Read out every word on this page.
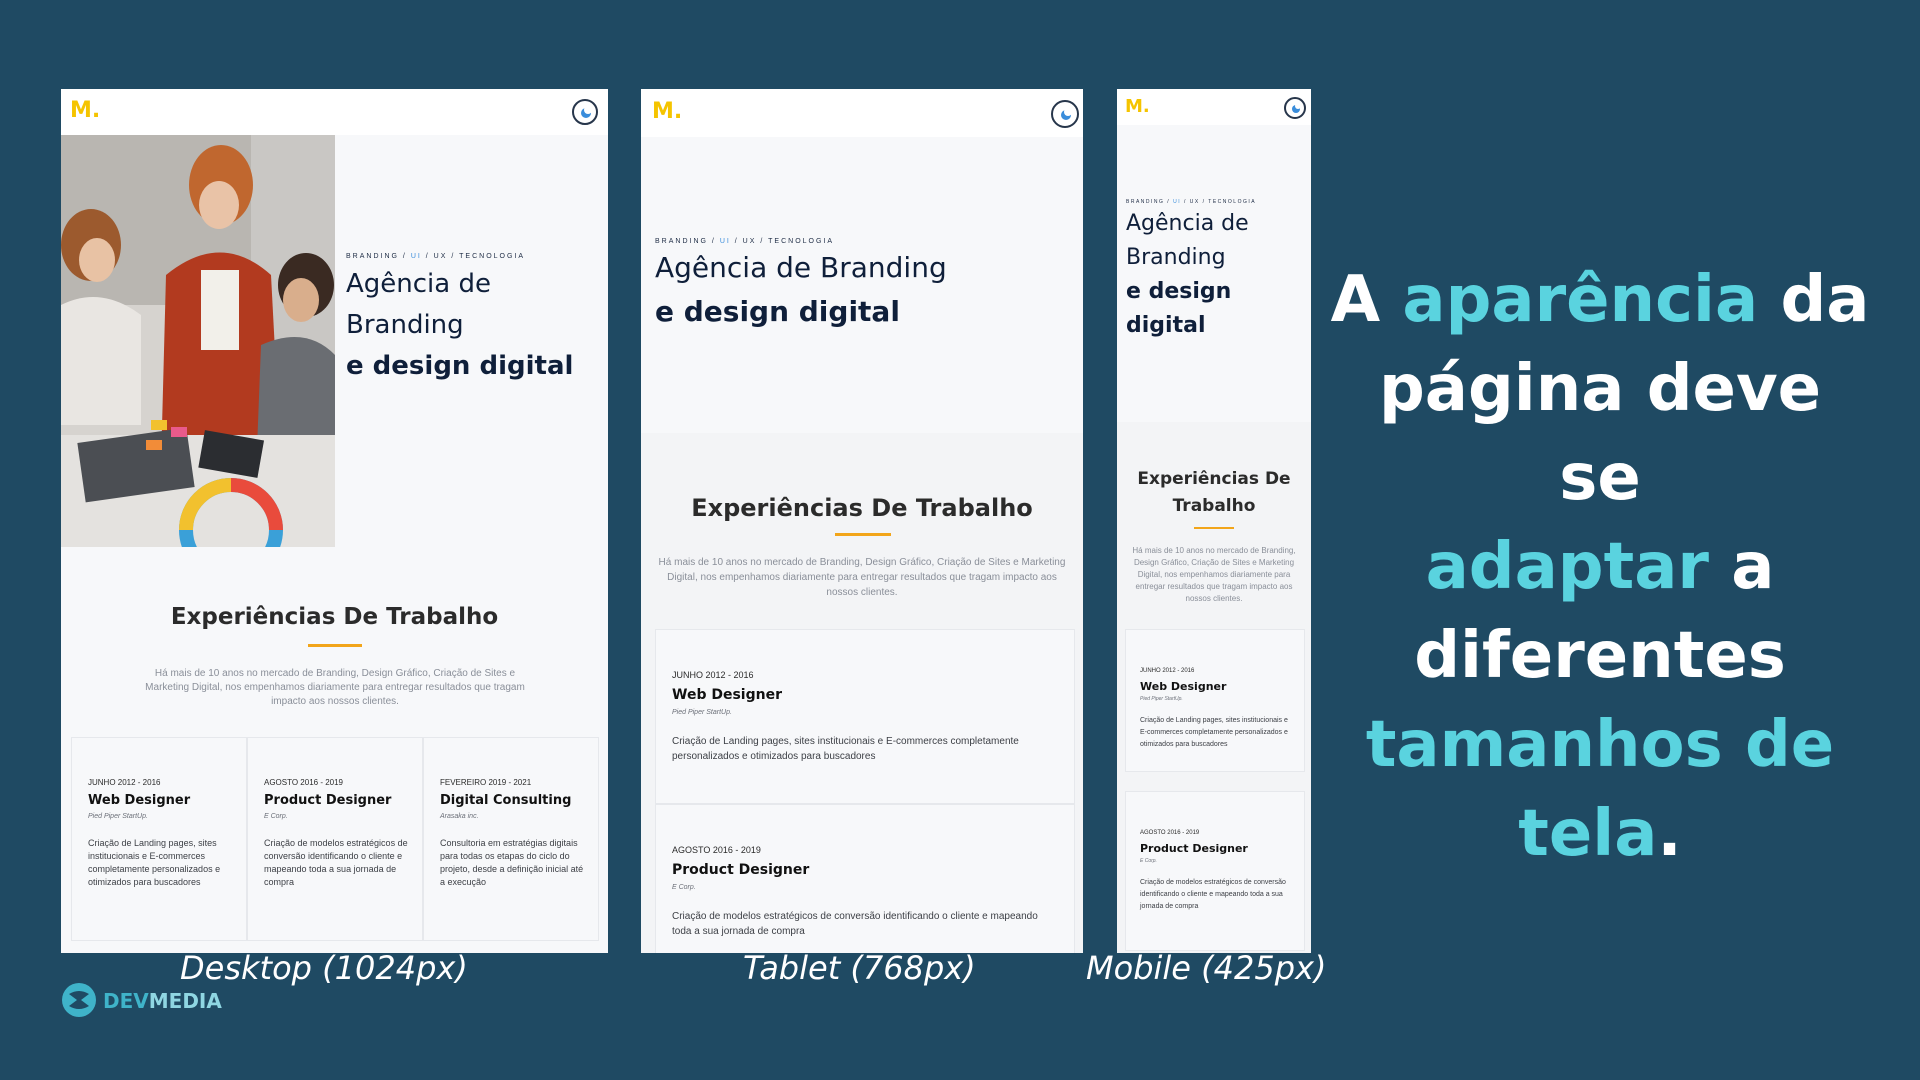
M.
BRANDING / UI / UX / TECNOLOGIA
Agência de
Branding
e design digital
Experiências De Trabalho
Há mais de 10 anos no mercado de Branding, Design Gráfico, Criação de Sites e Marketing Digital, nos empenhamos diariamente para entregar resultados que tragam impacto aos nossos clientes.
JUNHO 2012 - 2016
Web Designer
Pied Piper StartUp.
Criação de Landing pages, sites institucionais e E-commerces completamente personalizados e otimizados para buscadores
AGOSTO 2016 - 2019
Product Designer
E Corp.
Criação de modelos estratégicos de conversão identificando o cliente e mapeando toda a sua jornada de compra
FEVEREIRO 2019 - 2021
Digital Consulting
Arasaka inc.
Consultoria em estratégias digitais para todas os etapas do ciclo do projeto, desde a definição inicial até a execução
M.
BRANDING / UI / UX / TECNOLOGIA
Agência de Branding
e design digital
Experiências De Trabalho
Há mais de 10 anos no mercado de Branding, Design Gráfico, Criação de Sites e Marketing Digital, nos empenhamos diariamente para entregar resultados que tragam impacto aos nossos clientes.
JUNHO 2012 - 2016
Web Designer
Pied Piper StartUp.
Criação de Landing pages, sites institucionais e E-commerces completamente personalizados e otimizados para buscadores
AGOSTO 2016 - 2019
Product Designer
E Corp.
Criação de modelos estratégicos de conversão identificando o cliente e mapeando toda a sua jornada de compra
M.
BRANDING / UI / UX / TECNOLOGIA
Agência de
Branding
e design
digital
Experiências De
Trabalho
Há mais de 10 anos no mercado de Branding, Design Gráfico, Criação de Sites e Marketing Digital, nos empenhamos diariamente para entregar resultados que tragam impacto aos nossos clientes.
JUNHO 2012 - 2016
Web Designer
Pied Piper StartUp.
Criação de Landing pages, sites institucionais e E-commerces completamente personalizados e otimizados para buscadores
AGOSTO 2016 - 2019
Product Designer
E Corp.
Criação de modelos estratégicos de conversão identificando o cliente e mapeando toda a sua jornada de compra
Desktop (1024px)	Tablet (768px)	Mobile (425px)
A aparência da
página deve se
adaptar a
diferentes
tamanhos de
tela.
DEVMEDIA
